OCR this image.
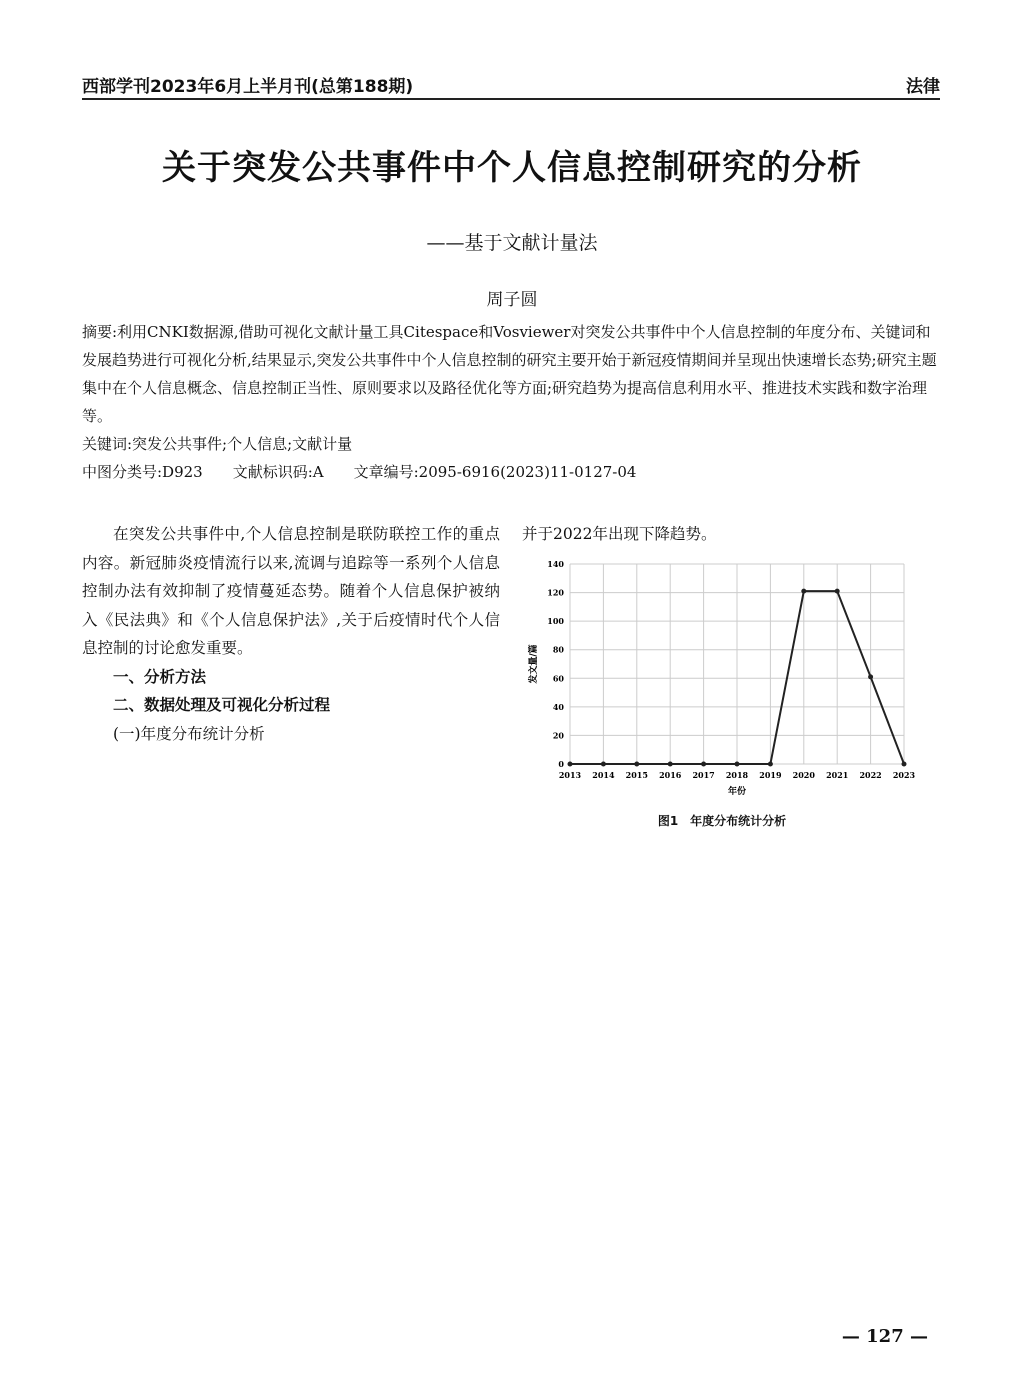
西部学刊2023年6月上半月刊(总第188期)	法律
关于突发公共事件中个人信息控制研究的分析
——基于文献计量法
周子圆
摘要:利用CNKI数据源,借助可视化文献计量工具Citespace和Vosviewer对突发公共事件中个人信息控制的年度分布、关键词和发展趋势进行可视化分析,结果显示,突发公共事件中个人信息控制的研究主要开始于新冠疫情期间并呈现出快速增长态势;研究主题集中在个人信息概念、信息控制正当性、原则要求以及路径优化等方面;研究趋势为提高信息利用水平、推进技术实践和数字治理等。
关键词:突发公共事件;个人信息;文献计量
中图分类号:D923　　文献标识码:A　　文章编号:2095-6916(2023)11-0127-04

在突发公共事件中,个人信息控制是联防联控工作的重点内容。新冠肺炎疫情流行以来,流调与追踪等一系列个人信息控制办法有效抑制了疫情蔓延态势。随着个人信息保护被纳入《民法典》和《个人信息保护法》,关于后疫情时代个人信息控制的讨论愈发重要。

一、分析方法

二、数据处理及可视化分析过程

(一)年度分布统计分析

并于2022年出现下降趋势。

0
20
40
60
80
100
120
140
2013 2014 2015 2016 2017 2018 2019 2020 2021 2022 2023
年份
发文量/篇
图1　年度分布统计分析
— 127 —
